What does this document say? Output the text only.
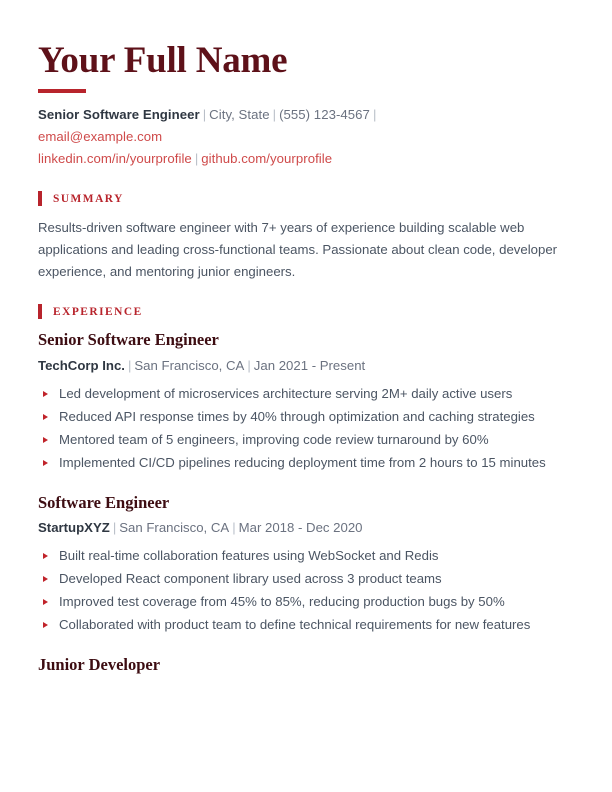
Your Full Name
Senior Software Engineer | City, State | (555) 123-4567 |
email@example.com
linkedin.com/in/yourprofile | github.com/yourprofile
SUMMARY
Results-driven software engineer with 7+ years of experience building scalable web applications and leading cross-functional teams. Passionate about clean code, developer experience, and mentoring junior engineers.
EXPERIENCE
Senior Software Engineer
TechCorp Inc. | San Francisco, CA | Jan 2021 - Present
Led development of microservices architecture serving 2M+ daily active users
Reduced API response times by 40% through optimization and caching strategies
Mentored team of 5 engineers, improving code review turnaround by 60%
Implemented CI/CD pipelines reducing deployment time from 2 hours to 15 minutes
Software Engineer
StartupXYZ | San Francisco, CA | Mar 2018 - Dec 2020
Built real-time collaboration features using WebSocket and Redis
Developed React component library used across 3 product teams
Improved test coverage from 45% to 85%, reducing production bugs by 50%
Collaborated with product team to define technical requirements for new features
Junior Developer
